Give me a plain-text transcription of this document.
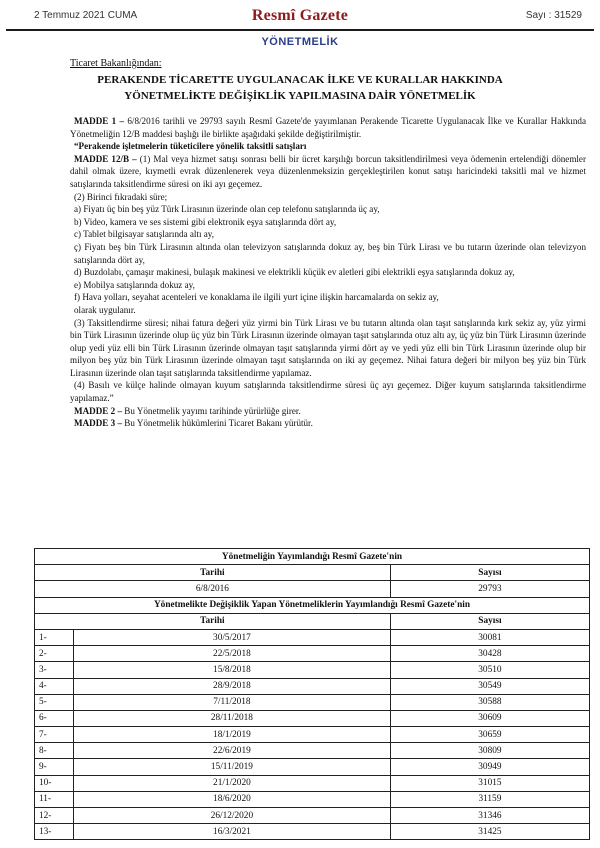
2 Temmuz 2021 CUMA	Resmî Gazete	Sayı : 31529
YÖNETMELİK
Ticaret Bakanlığından:
PERAKENDE TİCARETTE UYGULANACAK İLKE VE KURALLAR HAKKINDA
YÖNETMELİKTE DEĞİŞİKLİK YAPILMASINA DAİR YÖNETMELİK

MADDE 1 – 6/8/2016 tarihli ve 29793 sayılı Resmî Gazete'de yayımlanan Perakende Ticarette Uygulanacak İlke ve Kurallar Hakkında Yönetmeliğin 12/B maddesi başlığı ile birlikte aşağıdaki şekilde değiştirilmiştir.

“Perakende işletmelerin tüketicilere yönelik taksitli satışları

MADDE 12/B – (1) Mal veya hizmet satışı sonrası belli bir ücret karşılığı borcun taksitlendirilmesi veya ödemenin ertelendiği dönemler dahil olmak üzere, kıymetli evrak düzenlenerek veya düzenlenmeksizin gerçekleştirilen konut satışı haricindeki taksitli mal ve hizmet satışlarında taksitlendirme süresi on iki ayı geçemez.

(2) Birinci fıkradaki süre;

a) Fiyatı üç bin beş yüz Türk Lirasının üzerinde olan cep telefonu satışlarında üç ay,

b) Video, kamera ve ses sistemi gibi elektronik eşya satışlarında dört ay,

c) Tablet bilgisayar satışlarında altı ay,

ç) Fiyatı beş bin Türk Lirasının altında olan televizyon satışlarında dokuz ay, beş bin Türk Lirası ve bu tutarın üzerinde olan televizyon satışlarında dört ay,

d) Buzdolabı, çamaşır makinesi, bulaşık makinesi ve elektrikli küçük ev aletleri gibi elektrikli eşya satışlarında dokuz ay,

e) Mobilya satışlarında dokuz ay,

f) Hava yolları, seyahat acenteleri ve konaklama ile ilgili yurt içine ilişkin harcamalarda on sekiz ay,

olarak uygulanır.

(3) Taksitlendirme süresi; nihai fatura değeri yüz yirmi bin Türk Lirası ve bu tutarın altında olan taşıt satışlarında kırk sekiz ay, yüz yirmi bin Türk Lirasının üzerinde olup üç yüz bin Türk Lirasının üzerinde olmayan taşıt satışlarında otuz altı ay, üç yüz bin Türk Lirasının üzerinde olup yedi yüz elli bin Türk Lirasının üzerinde olmayan taşıt satışlarında yirmi dört ay ve yedi yüz elli bin Türk Lirasının üzerinde olup bir milyon beş yüz bin Türk Lirasının üzerinde olmayan taşıt satışlarında on iki ay geçemez. Nihai fatura değeri bir milyon beş yüz bin Türk Lirasının üzerinde olan taşıt satışlarında taksitlendirme yapılamaz.

(4) Basılı ve külçe halinde olmayan kuyum satışlarında taksitlendirme süresi üç ayı geçemez. Diğer kuyum satışlarında taksitlendirme yapılamaz.”

MADDE 2 – Bu Yönetmelik yayımı tarihinde yürürlüğe girer.

MADDE 3 – Bu Yönetmelik hükümlerini Ticaret Bakanı yürütür.

Yönetmeliğin Yayımlandığı Resmî Gazete'nin		
Tarihi		Sayısı
6/8/2016		29793
Yönetmelikte Değişiklik Yapan Yönetmeliklerin Yayımlandığı Resmî Gazete'nin		
Tarihi		Sayısı
1-	30/5/2017	30081
2-	22/5/2018	30428
3-	15/8/2018	30510
4-	28/9/2018	30549
5-	7/11/2018	30588
6-	28/11/2018	30609
7-	18/1/2019	30659
8-	22/6/2019	30809
9-	15/11/2019	30949
10-	21/1/2020	31015
11-	18/6/2020	31159
12-	26/12/2020	31346
13-	16/3/2021	31425
